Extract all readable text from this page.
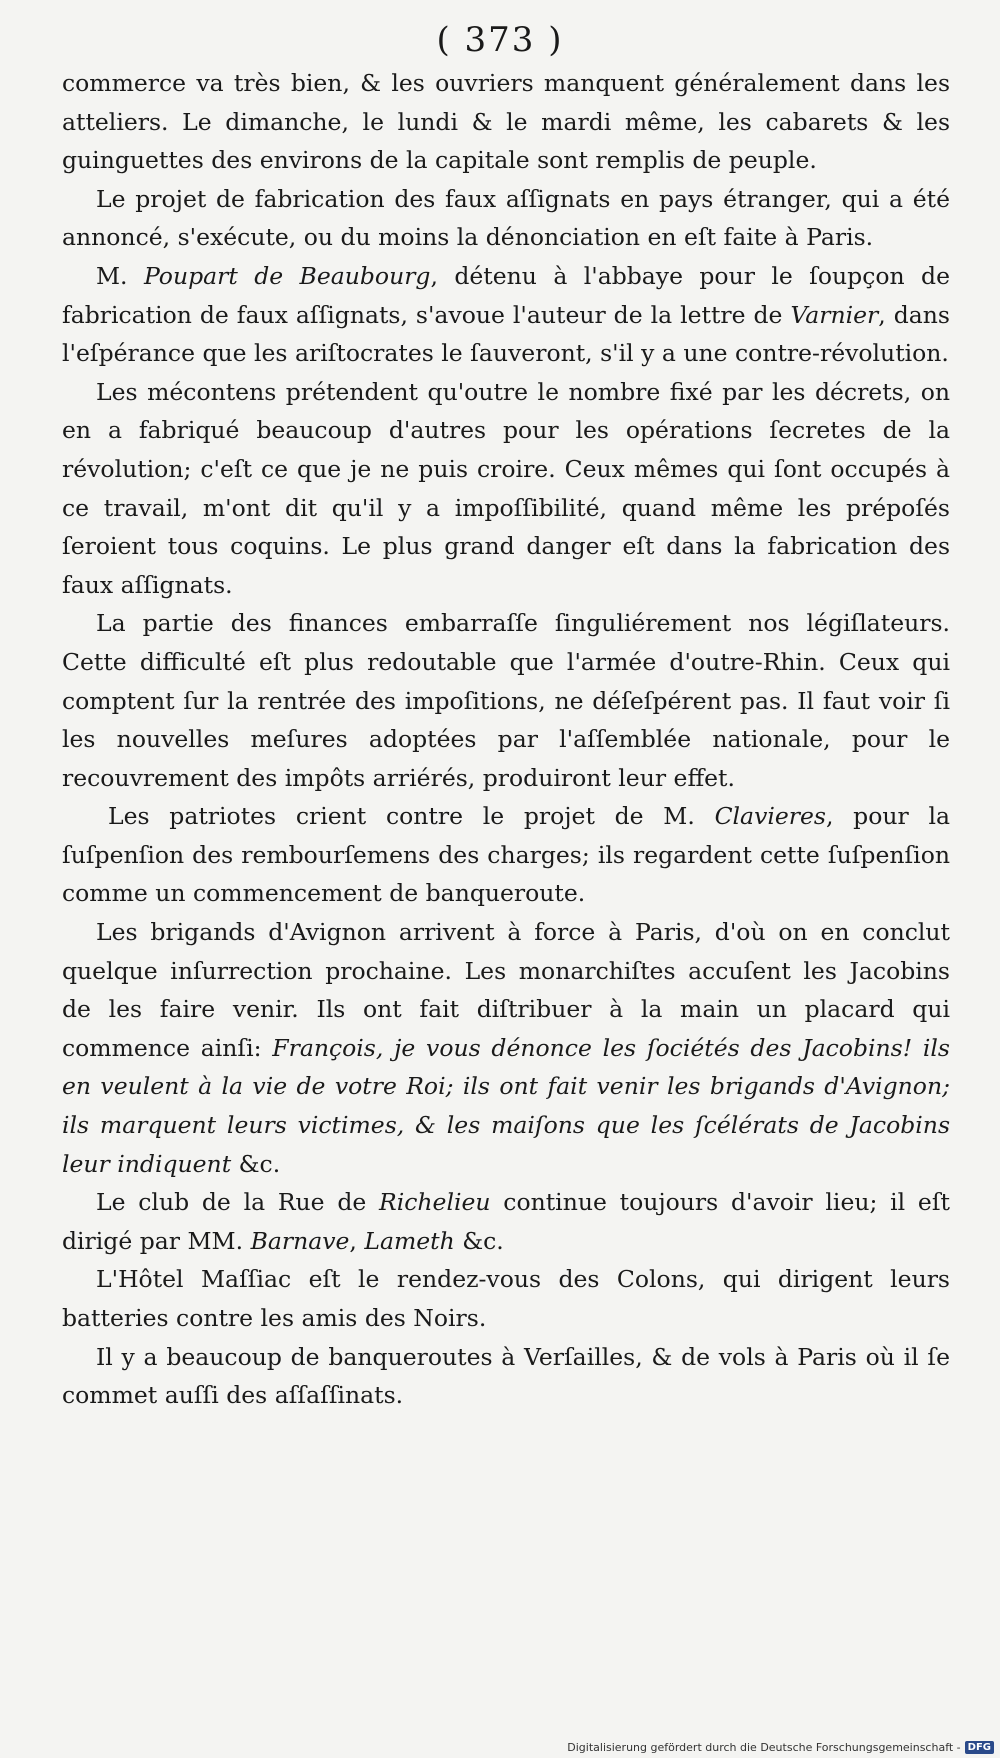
( 373 )

commerce va très bien, & les ouvriers manquent généralement dans les atteliers. Le dimanche, le lundi & le mardi même, les cabarets & les guinguettes des environs de la capitale sont remplis de peuple.

Le projet de fabrication des faux aſſignats en pays étranger, qui a été annoncé, s'exécute, ou du moins la dénonciation en eſt faite à Paris.

M. Poupart de Beaubourg, détenu à l'abbaye pour le ſoupçon de fabrication de faux aſſignats, s'avoue l'auteur de la lettre de Varnier, dans l'eſpérance que les ariſtocrates le ſauveront, s'il y a une contre-révolution.

Les mécontens prétendent qu'outre le nombre fixé par les décrets, on en a fabriqué beaucoup d'autres pour les opérations ſecretes de la révolution; c'eſt ce que je ne puis croire. Ceux mêmes qui ſont occupés à ce travail, m'ont dit qu'il y a impoſſibilité, quand même les prépoſés ſeroient tous coquins. Le plus grand danger eſt dans la fabrication des faux aſſignats.

La partie des finances embarraſſe ſinguliérement nos légiſlateurs. Cette difficulté eſt plus redoutable que l'armée d'outre-Rhin. Ceux qui comptent ſur la rentrée des impoſitions, ne déſeſpérent pas. Il faut voir ſi les nouvelles meſures adoptées par l'aſſemblée nationale, pour le recouvrement des impôts arriérés, produiront leur effet.

Les patriotes crient contre le projet de M. Clavieres, pour la ſuſpenſion des rembourſemens des charges; ils regardent cette ſuſpenſion comme un commencement de banqueroute.

Les brigands d'Avignon arrivent à force à Paris, d'où on en conclut quelque inſurrection prochaine. Les monarchiſtes accuſent les Jacobins de les faire venir. Ils ont fait diſtribuer à la main un placard qui commence ainſi: François, je vous dénonce les ſociétés des Jacobins! ils en veulent à la vie de votre Roi; ils ont fait venir les brigands d'Avignon; ils marquent leurs victimes, & les maiſons que les ſcélérats de Jacobins leur indiquent &c.

Le club de la Rue de Richelieu continue toujours d'avoir lieu; il eſt dirigé par MM. Barnave, Lameth &c.

L'Hôtel Maſſiac eſt le rendez-vous des Colons, qui dirigent leurs batteries contre les amis des Noirs.

Il y a beaucoup de banqueroutes à Verſailles, & de vols à Paris où il ſe commet auſſi des aſſaſſinats.

Digitalisierung gefördert durch die Deutsche Forschungsgemeinschaft - DFG
